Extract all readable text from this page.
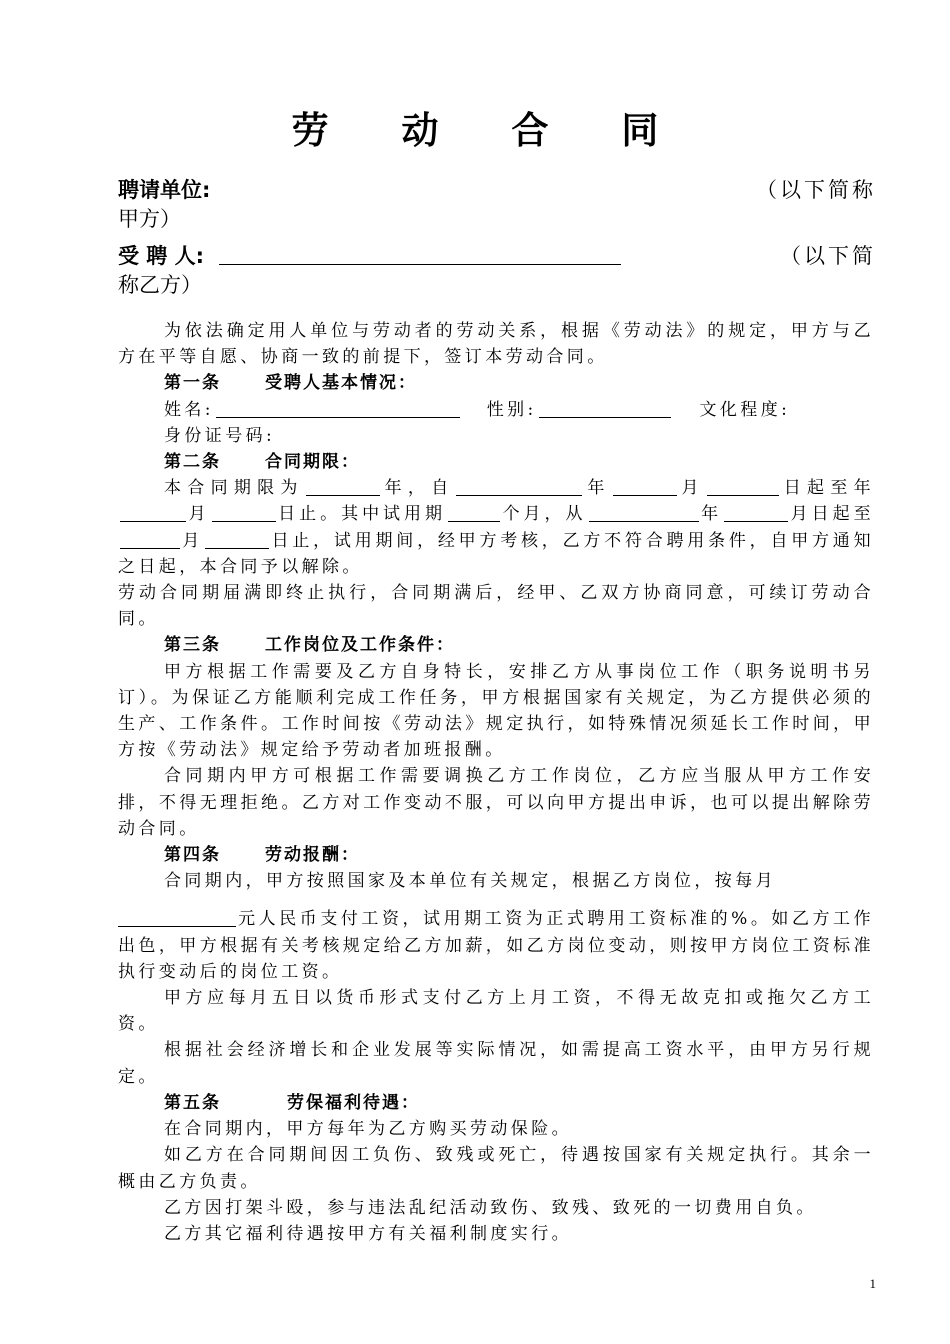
劳 动 合 同
聘请单位:	（以下简称
甲方）
受 聘 人:	（以下简
称乙方）

为依法确定用人单位与劳动者的劳动关系，根据《劳动法》的规定，甲方与乙方在平等自愿、协商一致的前提下，签订本劳动合同。

第一条	受聘人基本情况：

姓名:	性别:	文化程度:

身份证号码:

第二条	合同期限：

本合同期限为	年，自	年	月	日起至年月	日止。其中试用期	个月，从	年	月日起至月	日止，试用期间，经甲方考核，乙方不符合聘用条件，自甲方通知之日起，本合同予以解除。

劳动合同期届满即终止执行，合同期满后，经甲、乙双方协商同意，可续订劳动合同。

第三条	工作岗位及工作条件：

甲方根据工作需要及乙方自身特长，安排乙方从事岗位工作（职务说明书另订）。为保证乙方能顺利完成工作任务，甲方根据国家有关规定，为乙方提供必须的生产、工作条件。工作时间按《劳动法》规定执行，如特殊情况须延长工作时间，甲方按《劳动法》规定给予劳动者加班报酬。

合同期内甲方可根据工作需要调换乙方工作岗位，乙方应当服从甲方工作安排，不得无理拒绝。乙方对工作变动不服，可以向甲方提出申诉，也可以提出解除劳动合同。

第四条	劳动报酬：

合同期内，甲方按照国家及本单位有关规定，根据乙方岗位，按每月

元人民币支付工资，试用期工资为正式聘用工资标准的%。如乙方工作出色，甲方根据有关考核规定给乙方加薪，如乙方岗位变动，则按甲方岗位工资标准执行变动后的岗位工资。

甲方应每月五日以货币形式支付乙方上月工资，不得无故克扣或拖欠乙方工资。

根据社会经济增长和企业发展等实际情况，如需提高工资水平，由甲方另行规定。

第五条	劳保福利待遇：

在合同期内，甲方每年为乙方购买劳动保险。

如乙方在合同期间因工负伤、致残或死亡，待遇按国家有关规定执行。其余一概由乙方负责。

乙方因打架斗殴，参与违法乱纪活动致伤、致残、致死的一切费用自负。

乙方其它福利待遇按甲方有关福利制度实行。

1
